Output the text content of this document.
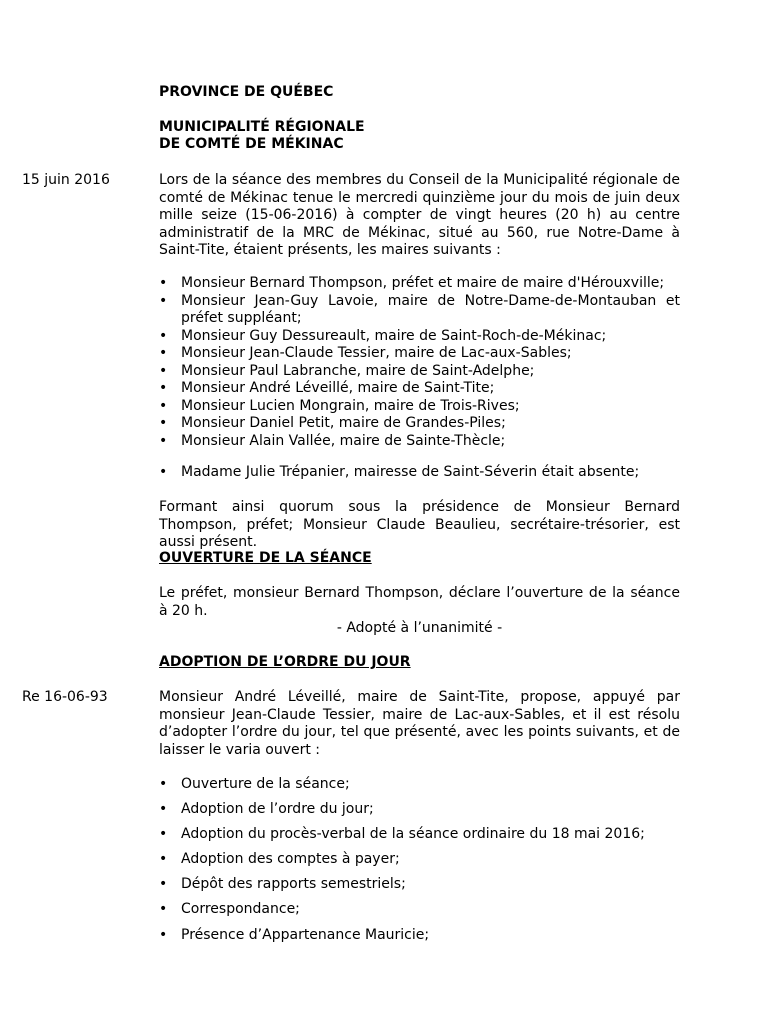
PROVINCE DE QUÉBEC
MUNICIPALITÉ RÉGIONALE
DE COMTÉ DE MÉKINAC
15 juin 2016	Lors de la séance des membres du Conseil de la Municipalité régionale de comté de Mékinac tenue le mercredi quinzième jour du mois de juin deux mille seize (15-06-2016) à compter de vingt heures (20 h) au centre administratif de la MRC de Mékinac, situé au 560, rue Notre-Dame à Saint-Tite, étaient présents, les maires suivants :
• Monsieur Bernard Thompson, préfet et maire de maire d'Hérouxville;
• Monsieur Jean-Guy Lavoie, maire de Notre-Dame-de-Montauban et préfet suppléant;
• Monsieur Guy Dessureault, maire de Saint-Roch-de-Mékinac;
• Monsieur Jean-Claude Tessier, maire de Lac-aux-Sables;
• Monsieur Paul Labranche, maire de Saint-Adelphe;
• Monsieur André Léveillé, maire de Saint-Tite;
• Monsieur Lucien Mongrain, maire de Trois-Rives;
• Monsieur Daniel Petit, maire de Grandes-Piles;
• Monsieur Alain Vallée, maire de Sainte-Thècle;
• Madame Julie Trépanier, mairesse de Saint-Séverin était absente;
Formant ainsi quorum sous la présidence de Monsieur Bernard Thompson, préfet; Monsieur Claude Beaulieu, secrétaire-trésorier, est aussi présent.
OUVERTURE DE LA SÉANCE
Le préfet, monsieur Bernard Thompson, déclare l’ouverture de la séance à 20 h.
- Adopté à l’unanimité -
ADOPTION DE L’ORDRE DU JOUR
Re 16-06-93	Monsieur André Léveillé, maire de Saint-Tite, propose, appuyé par monsieur Jean-Claude Tessier, maire de Lac-aux-Sables, et il est résolu d’adopter l’ordre du jour, tel que présenté, avec les points suivants, et de laisser le varia ouvert :
• Ouverture de la séance;
• Adoption de l’ordre du jour;
• Adoption du procès-verbal de la séance ordinaire du 18 mai 2016;
• Adoption des comptes à payer;
• Dépôt des rapports semestriels;
• Correspondance;
• Présence d’Appartenance Mauricie;
